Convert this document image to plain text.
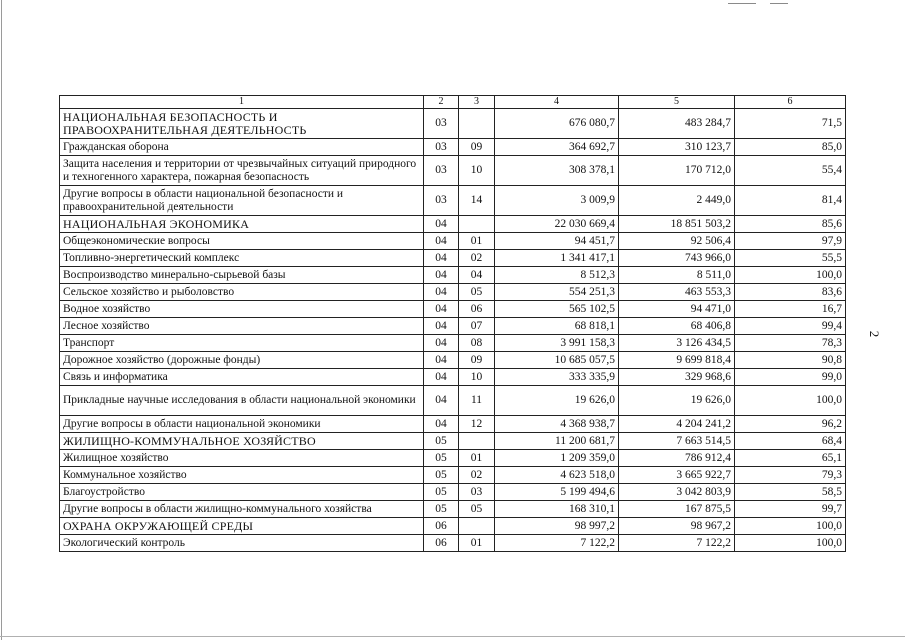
2
1	2	3	4	5	6
НАЦИОНАЛЬНАЯ БЕЗОПАСНОСТЬ И ПРАВООХРАНИТЕЛЬНАЯ ДЕЯТЕЛЬНОСТЬ	03		676 080,7	483 284,7	71,5
Гражданская оборона	03	09	364 692,7	310 123,7	85,0
Защита населения и территории от чрезвычайных ситуаций природного и техногенного характера, пожарная безопасность	03	10	308 378,1	170 712,0	55,4
Другие вопросы в области национальной безопасности и правоохранительной деятельности	03	14	3 009,9	2 449,0	81,4
НАЦИОНАЛЬНАЯ ЭКОНОМИКА	04		22 030 669,4	18 851 503,2	85,6
Общеэкономические вопросы	04	01	94 451,7	92 506,4	97,9
Топливно-энергетический комплекс	04	02	1 341 417,1	743 966,0	55,5
Воспроизводство минерально-сырьевой базы	04	04	8 512,3	8 511,0	100,0
Сельское хозяйство и рыболовство	04	05	554 251,3	463 553,3	83,6
Водное хозяйство	04	06	565 102,5	94 471,0	16,7
Лесное хозяйство	04	07	68 818,1	68 406,8	99,4
Транспорт	04	08	3 991 158,3	3 126 434,5	78,3
Дорожное хозяйство (дорожные фонды)	04	09	10 685 057,5	9 699 818,4	90,8
Связь и информатика	04	10	333 335,9	329 968,6	99,0
Прикладные научные исследования в области национальной экономики	04	11	19 626,0	19 626,0	100,0
Другие вопросы в области национальной экономики	04	12	4 368 938,7	4 204 241,2	96,2
ЖИЛИЩНО-КОММУНАЛЬНОЕ ХОЗЯЙСТВО	05		11 200 681,7	7 663 514,5	68,4
Жилищное хозяйство	05	01	1 209 359,0	786 912,4	65,1
Коммунальное хозяйство	05	02	4 623 518,0	3 665 922,7	79,3
Благоустройство	05	03	5 199 494,6	3 042 803,9	58,5
Другие вопросы в области жилищно-коммунального хозяйства	05	05	168 310,1	167 875,5	99,7
ОХРАНА ОКРУЖАЮЩЕЙ СРЕДЫ	06		98 997,2	98 967,2	100,0
Экологический контроль	06	01	7 122,2	7 122,2	100,0
